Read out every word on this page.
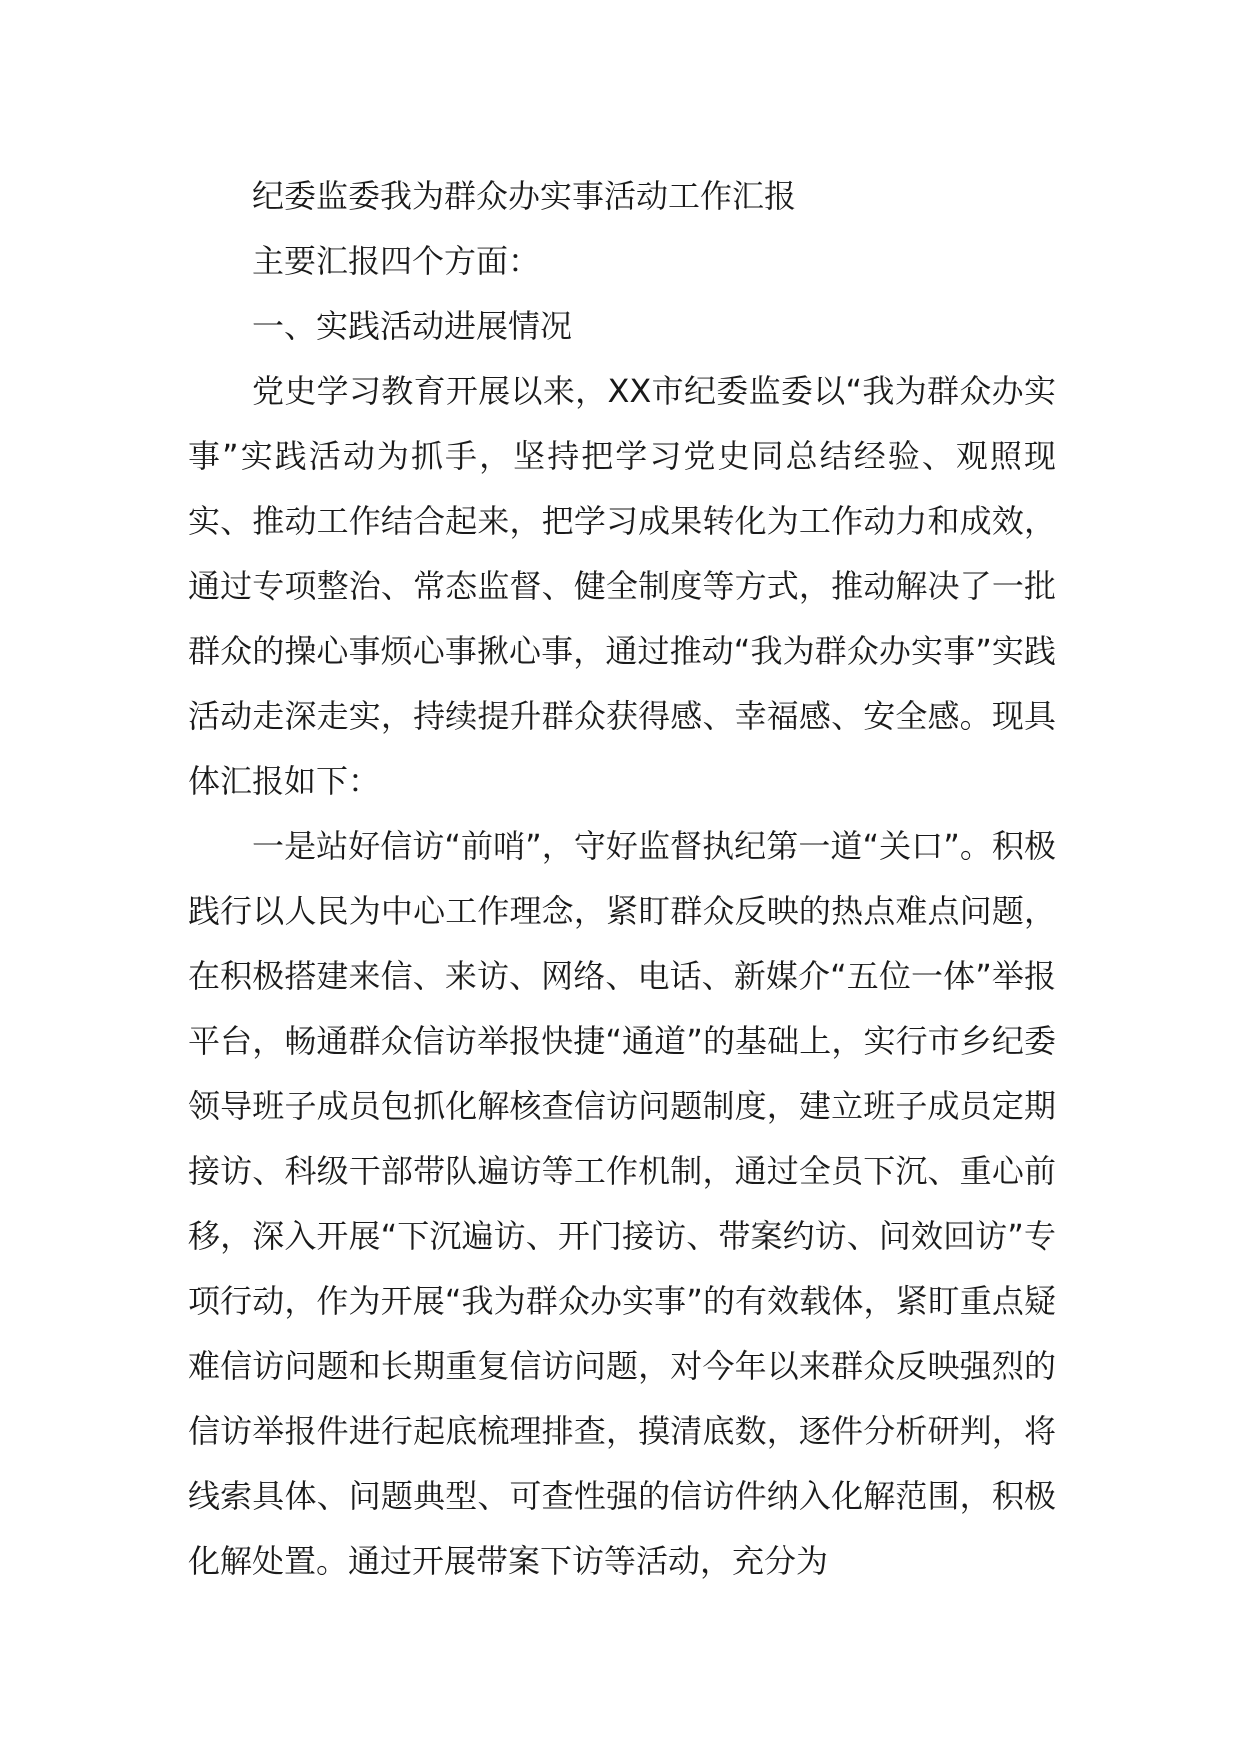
纪委监委我为群众办实事活动工作汇报

主要汇报四个方面：

一、实践活动进展情况

党史学习教育开展以来，XX市纪委监委以“我为群众办实事”实践活动为抓手，坚持把学习党史同总结经验、观照现实、推动工作结合起来，把学习成果转化为工作动力和成效，通过专项整治、常态监督、健全制度等方式，推动解决了一批群众的操心事烦心事揪心事，通过推动“我为群众办实事”实践活动走深走实，持续提升群众获得感、幸福感、安全感。现具体汇报如下：

一是站好信访“前哨”，守好监督执纪第一道“关口”。积极践行以人民为中心工作理念，紧盯群众反映的热点难点问题，在积极搭建来信、来访、网络、电话、新媒介“五位一体”举报平台，畅通群众信访举报快捷“通道”的基础上，实行市乡纪委领导班子成员包抓化解核查信访问题制度，建立班子成员定期接访、科级干部带队遍访等工作机制，通过全员下沉、重心前移，深入开展“下沉遍访、开门接访、带案约访、问效回访”专项行动，作为开展“我为群众办实事”的有效载体，紧盯重点疑难信访问题和长期重复信访问题，对今年以来群众反映强烈的信访举报件进行起底梳理排查，摸清底数，逐件分析研判，将线索具体、问题典型、可查性强的信访件纳入化解范围，积极化解处置。通过开展带案下访等活动，充分为
